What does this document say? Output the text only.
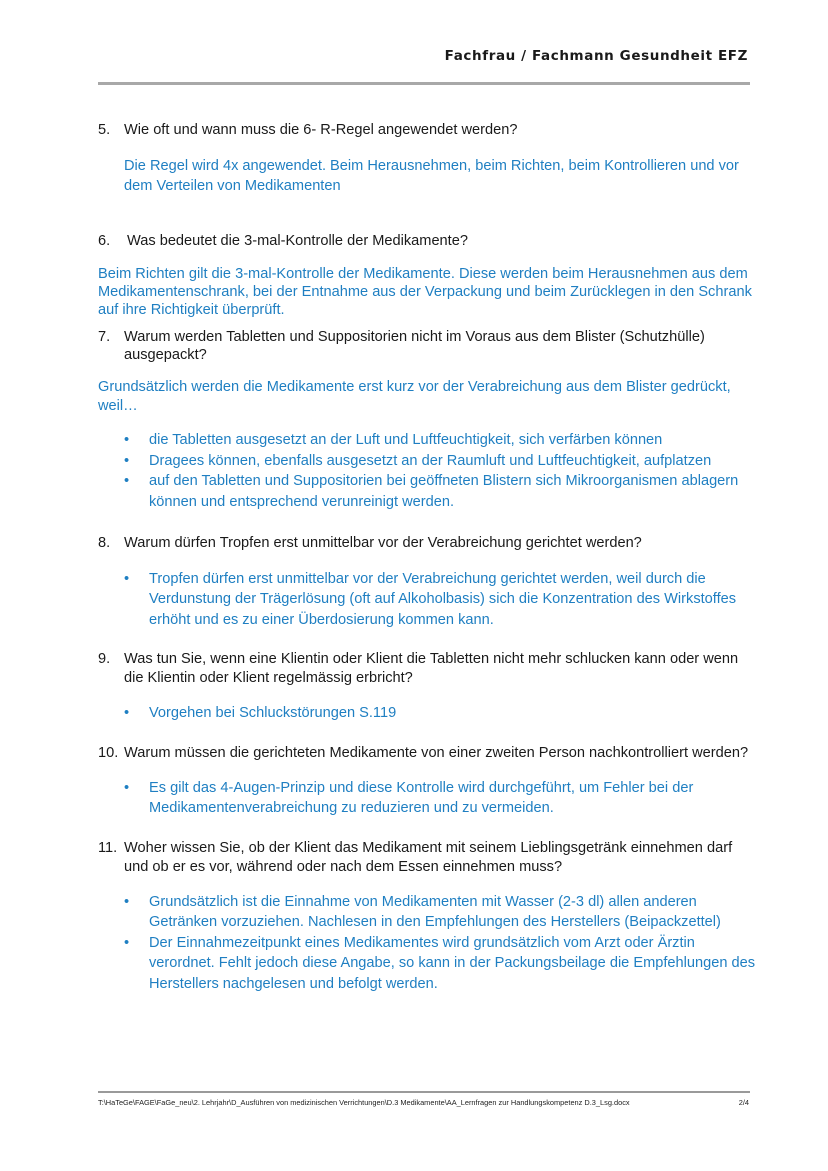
Fachfrau / Fachmann Gesundheit EFZ
5. Wie oft und wann muss die 6- R-Regel angewendet werden?
Die Regel wird 4x angewendet. Beim Herausnehmen, beim Richten, beim Kontrollieren und vor dem Verteilen von Medikamenten
6. Was bedeutet die 3-mal-Kontrolle der Medikamente?
Beim Richten gilt die 3-mal-Kontrolle der Medikamente. Diese werden beim Herausnehmen aus dem Medikamentenschrank, bei der Entnahme aus der Verpackung und beim Zurücklegen in den Schrank auf ihre Richtigkeit überprüft.
7. Warum werden Tabletten und Suppositorien nicht im Voraus aus dem Blister (Schutzhülle) ausgepackt?
Grundsätzlich werden die Medikamente erst kurz vor der Verabreichung aus dem Blister gedrückt, weil…
• die Tabletten ausgesetzt an der Luft und Luftfeuchtigkeit, sich verfärben können
• Dragees können, ebenfalls ausgesetzt an der Raumluft und Luftfeuchtigkeit, aufplatzen
• auf den Tabletten und Suppositorien bei geöffneten Blistern sich Mikroorganismen ablagern können und entsprechend verunreinigt werden.
8. Warum dürfen Tropfen erst unmittelbar vor der Verabreichung gerichtet werden?
• Tropfen dürfen erst unmittelbar vor der Verabreichung gerichtet werden, weil durch die Verdunstung der Trägerlösung (oft auf Alkoholbasis) sich die Konzentration des Wirkstoffes erhöht und es zu einer Überdosierung kommen kann.
9. Was tun Sie, wenn eine Klientin oder Klient die Tabletten nicht mehr schlucken kann oder wenn die Klientin oder Klient regelmässig erbricht?
• Vorgehen bei Schluckstörungen S.119
10. Warum müssen die gerichteten Medikamente von einer zweiten Person nachkontrolliert werden?
• Es gilt das 4-Augen-Prinzip und diese Kontrolle wird durchgeführt, um Fehler bei der Medikamentenverabreichung zu reduzieren und zu vermeiden.
11. Woher wissen Sie, ob der Klient das Medikament mit seinem Lieblingsgetränk einnehmen darf und ob er es vor, während oder nach dem Essen einnehmen muss?
• Grundsätzlich ist die Einnahme von Medikamenten mit Wasser (2-3 dl) allen anderen Getränken vorzuziehen. Nachlesen in den Empfehlungen des Herstellers (Beipackzettel)
• Der Einnahmezeitpunkt eines Medikamentes wird grundsätzlich vom Arzt oder Ärztin verordnet. Fehlt jedoch diese Angabe, so kann in der Packungsbeilage die Empfehlungen des Herstellers nachgelesen und befolgt werden.
T:\HaTeGe\FAGE\FaGe_neu\2. Lehrjahr\D_Ausführen von medizinischen Verrichtungen\D.3 Medikamente\AA_Lernfragen zur Handlungskompetenz D.3_Lsg.docx	2/4
